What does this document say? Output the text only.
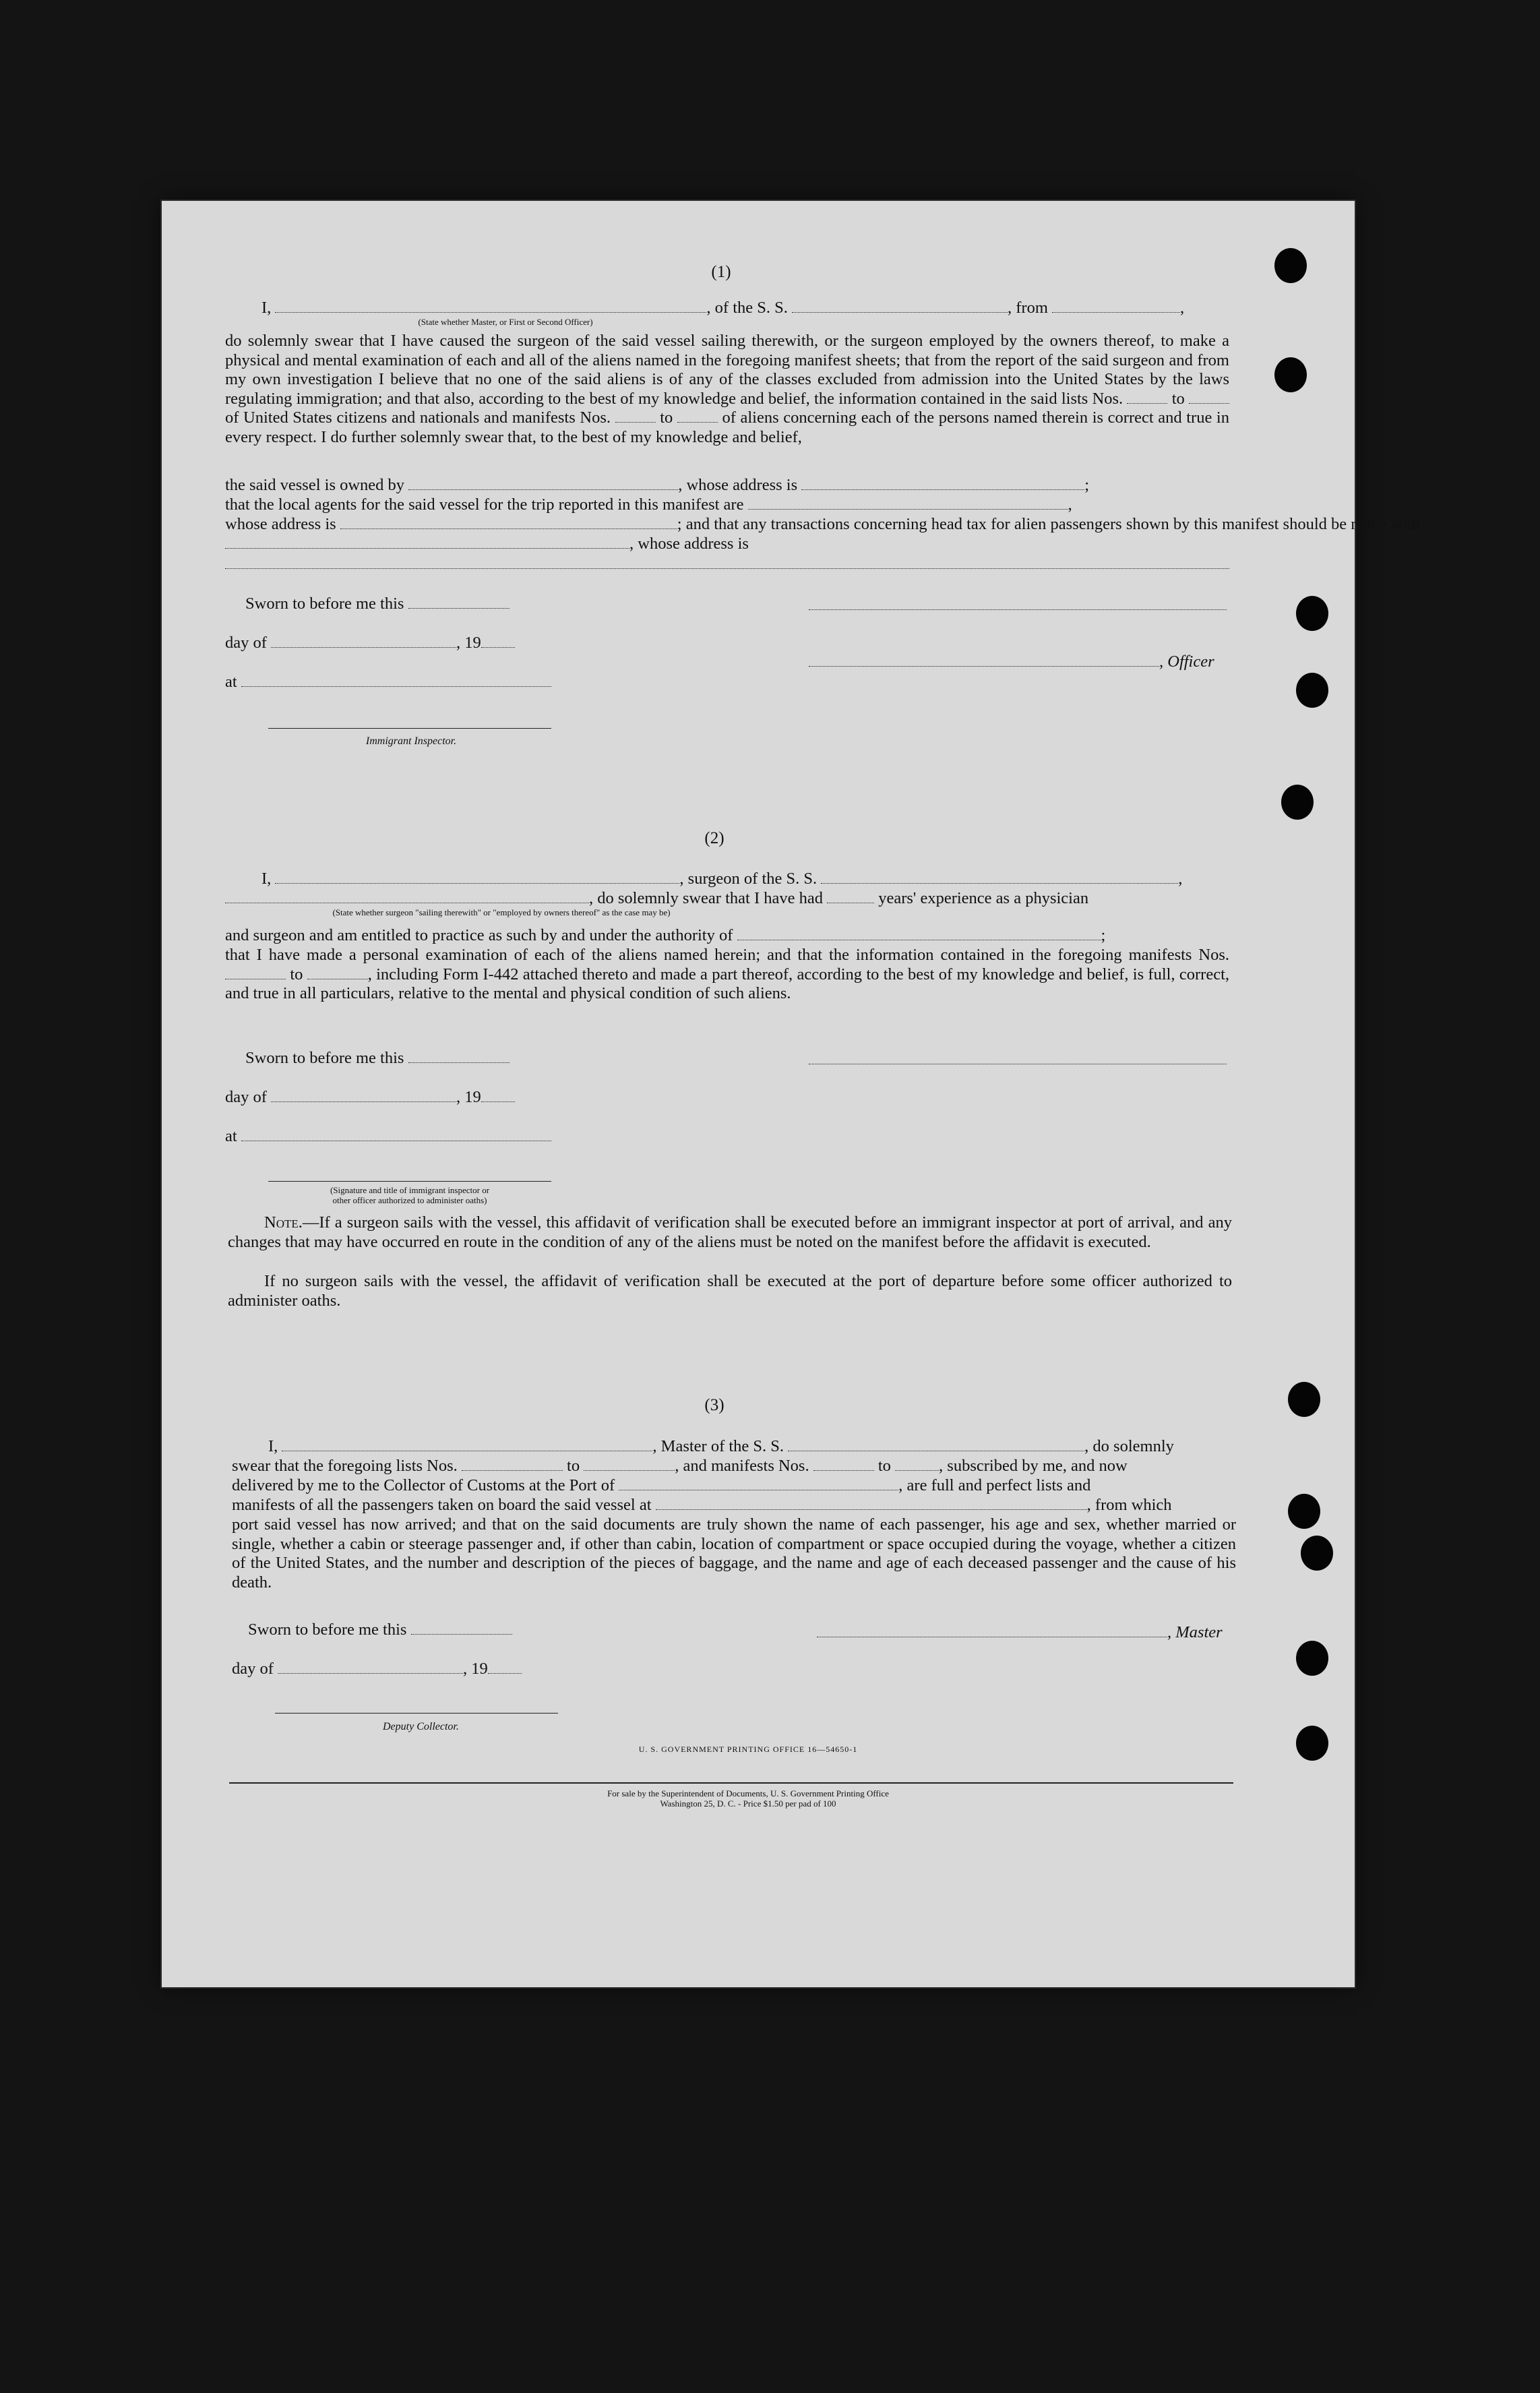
(1)
I,	, of the S. S.	, from	,
(State whether Master, or First or Second Officer)
do solemnly swear that I have caused the surgeon of the said vessel sailing therewith, or the surgeon employed by the owners thereof, to make a physical and mental examination of each and all of the aliens named in the foregoing manifest sheets; that from the report of the said surgeon and from my own investigation I believe that no one of the said aliens is of any of the classes excluded from admission into the United States by the laws regulating immigration; and that also, according to the best of my knowledge and belief, the information contained in the said lists Nos.	to  of United States citizens and nationals and manifests Nos.	to	of aliens concerning each of the persons named therein is correct and true in every respect. I do further solemnly swear that, to the best of my knowledge and belief,
the said vessel is owned by	, whose address is	;
that the local agents for the said vessel for the trip reported in this manifest are	,
whose address is	; and that any transactions concerning head tax for alien passengers shown by this manifest should be made with
, whose address is
Sworn to before me this
day of	, 19
, Officer
at
Immigrant Inspector.
(2)
I,	, surgeon of the S. S.	,
, do solemnly swear that I have had	years' experience as a physician
(State whether surgeon "sailing therewith" or "employed by owners thereof" as the case may be)
and surgeon and am entitled to practice as such by and under the authority of	;
that I have made a personal examination of each of the aliens named herein; and that the information contained in the foregoing manifests Nos.  to	, including Form I-442 attached thereto and made a part thereof, according to the best of my knowledge and belief, is full, correct, and true in all particulars, relative to the mental and physical condition of such aliens.
Sworn to before me this
day of	, 19
at
(Signature and title of immigrant inspector or
other officer authorized to administer oaths)
Note.—If a surgeon sails with the vessel, this affidavit of verification shall be executed before an immigrant inspector at port of arrival, and any changes that may have occurred en route in the condition of any of the aliens must be noted on the manifest before the affidavit is executed.
If no surgeon sails with the vessel, the affidavit of verification shall be executed at the port of departure before some officer authorized to administer oaths.
(3)
I,	, Master of the S. S.	, do solemnly
swear that the foregoing lists Nos.	to	, and manifests Nos.	to	, subscribed by me, and now
delivered by me to the Collector of Customs at the Port of	, are full and perfect lists and
manifests of all the passengers taken on board the said vessel at	, from which
port said vessel has now arrived; and that on the said documents are truly shown the name of each passenger, his age and sex, whether married or single, whether a cabin or steerage passenger and, if other than cabin, location of compartment or space occupied during the voyage, whether a citizen of the United States, and the number and description of the pieces of baggage, and the name and age of each deceased passenger and the cause of his death.
Sworn to before me this	, Master
day of	, 19
Deputy Collector.
U. S. GOVERNMENT PRINTING OFFICE 16—54650-1
For sale by the Superintendent of Documents, U. S. Government Printing Office
Washington 25, D. C. - Price $1.50 per pad of 100
